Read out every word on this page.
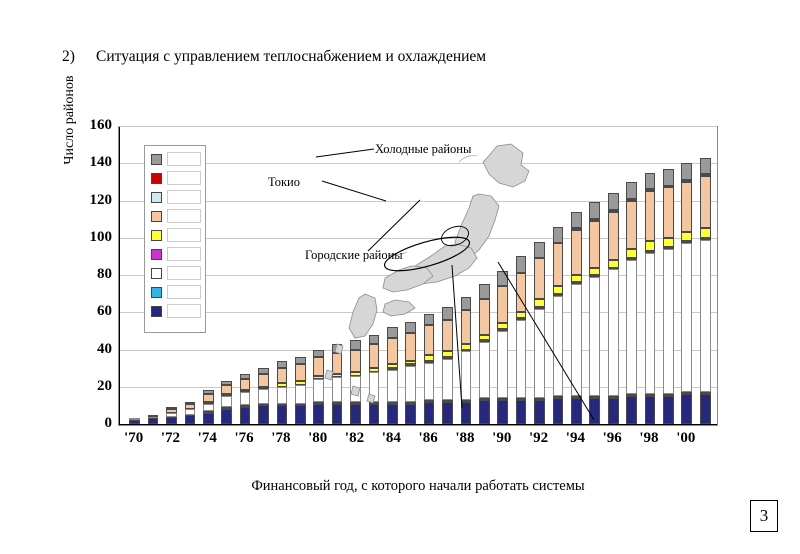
2) Ситуация с управлением теплоснабжением и охлаждением
Число районов
0
20
40
60
80
100
120
140
160
Холодные районы
Токио
Городские районы
'70 '72 '74 '76 '78 '80 '82 '84 '86 '88 '90 '92 '94 '96 '98 '00
Финансовый год, с которого начали работать системы
3
